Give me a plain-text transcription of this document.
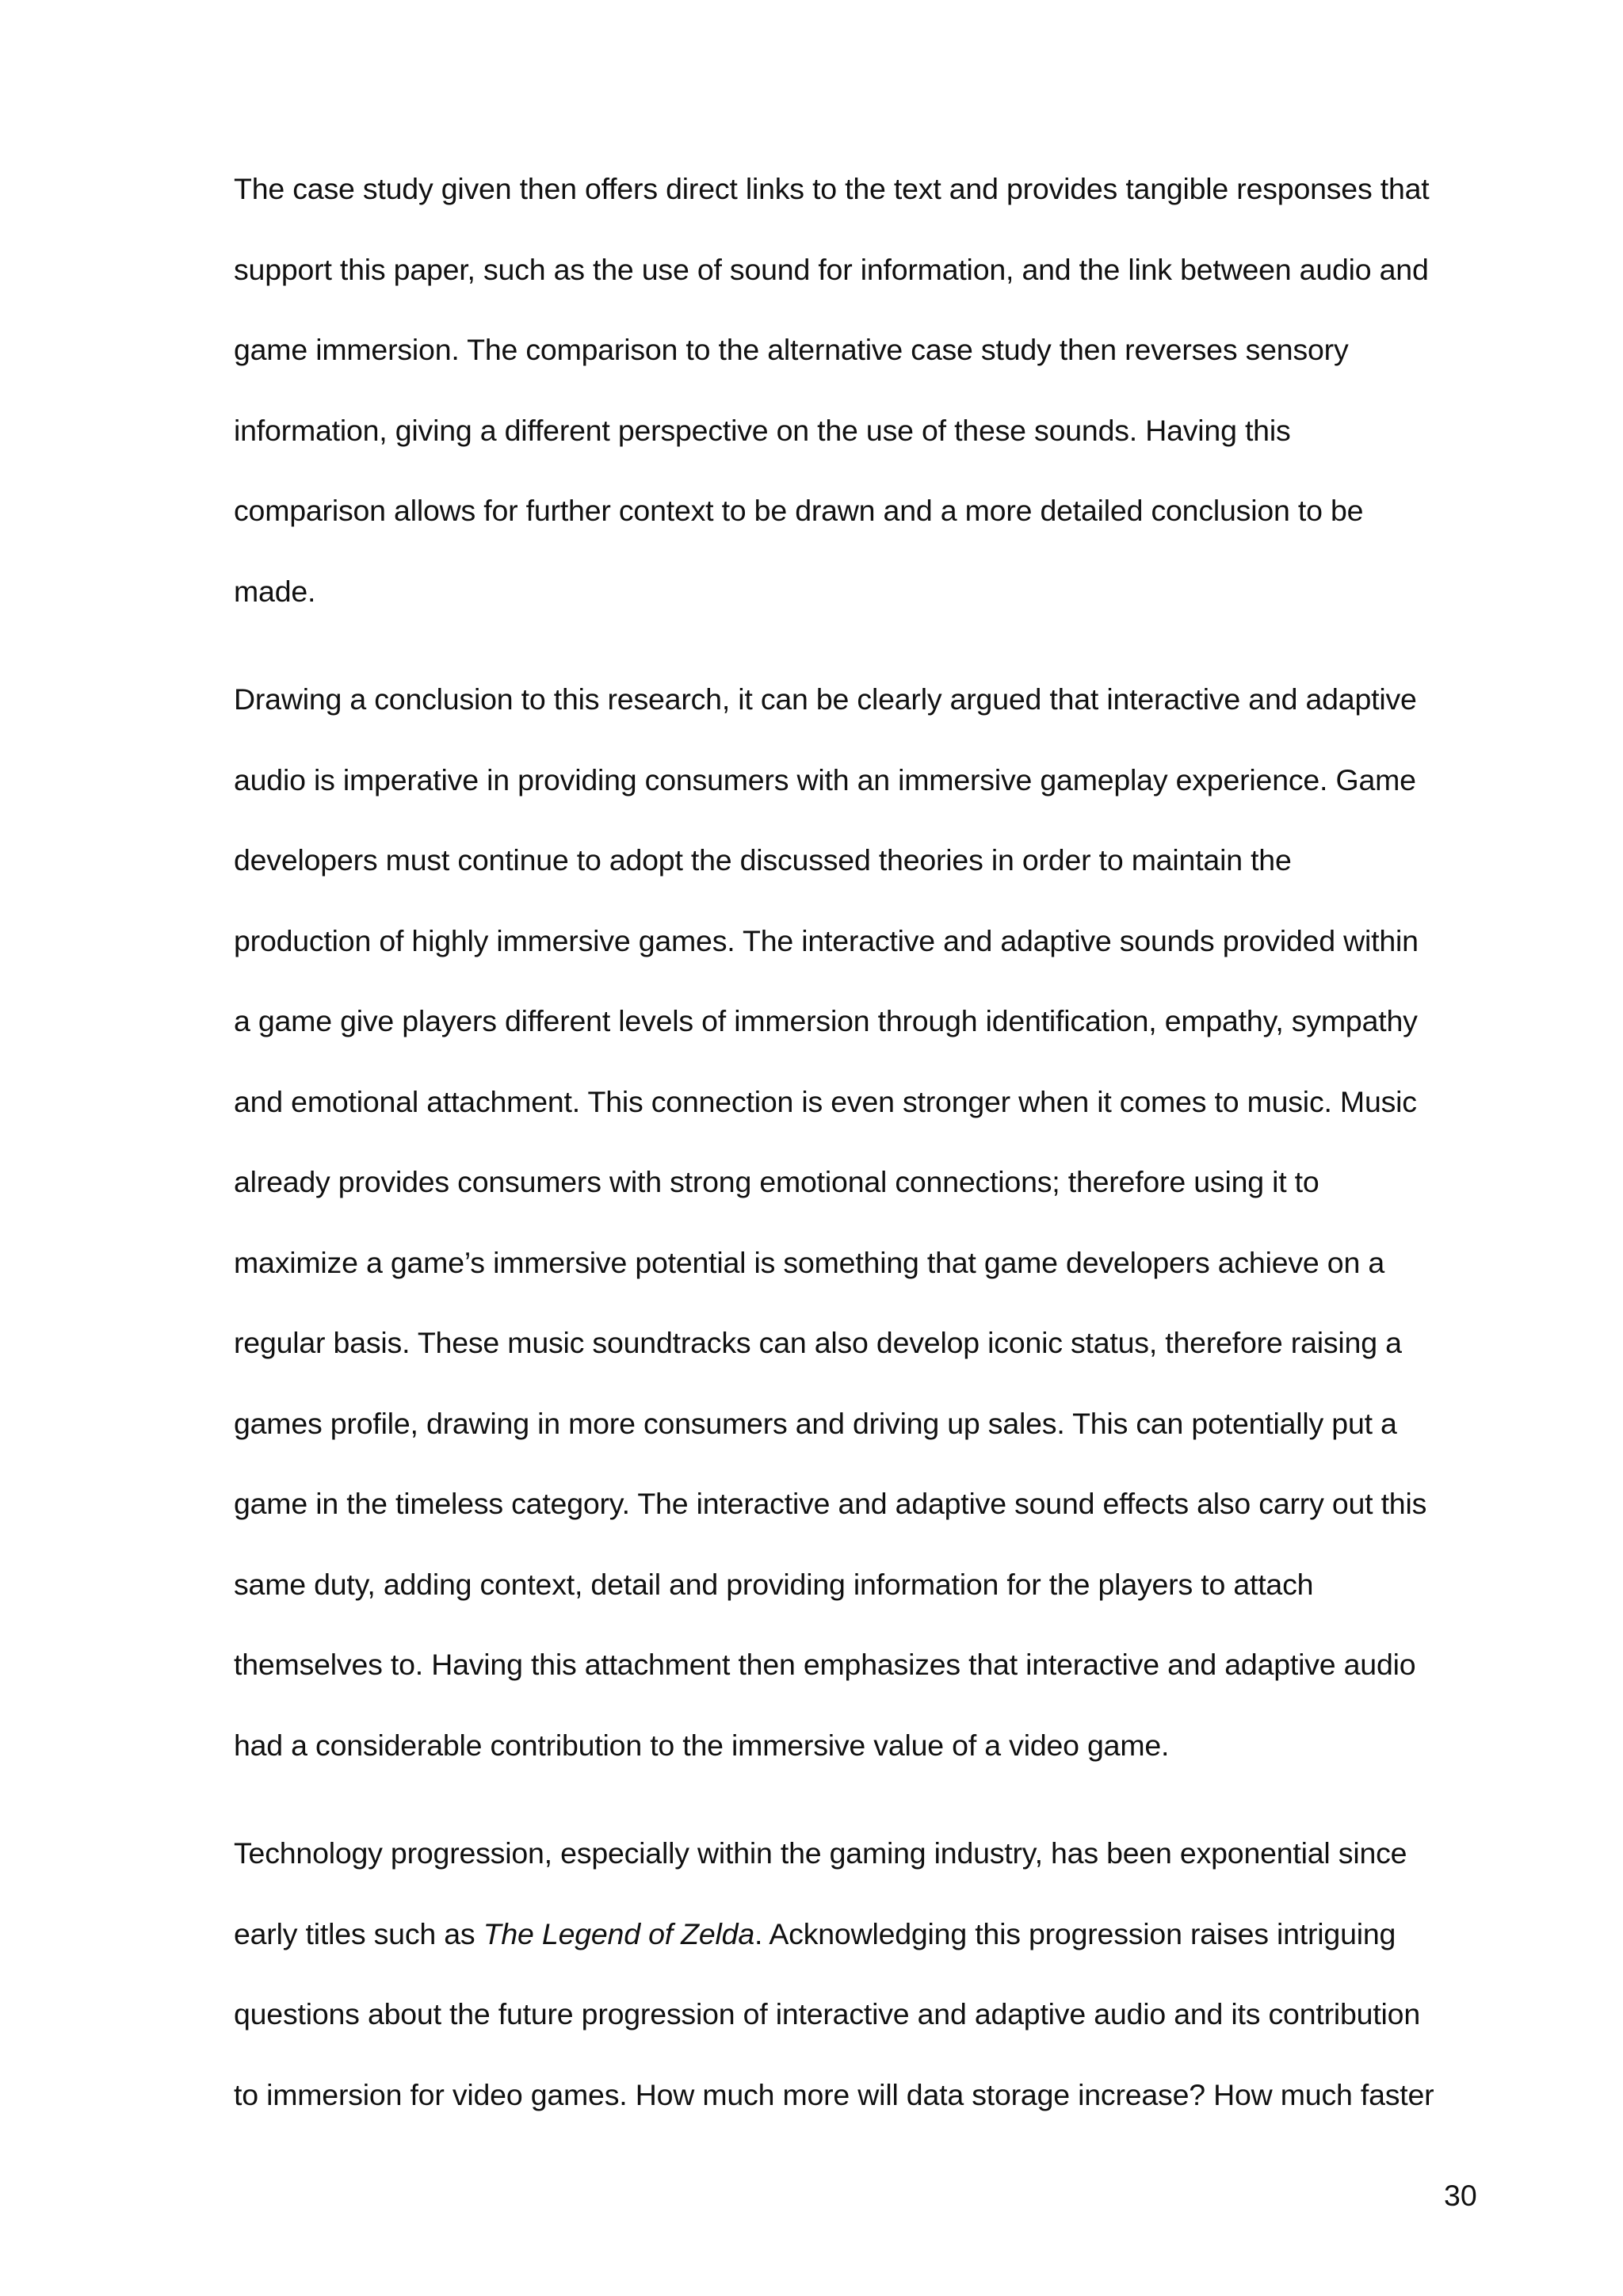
The case study given then offers direct links to the text and provides tangible responses that
support this paper, such as the use of sound for information, and the link between audio and
game immersion. The comparison to the alternative case study then reverses sensory
information, giving a different perspective on the use of these sounds. Having this
comparison allows for further context to be drawn and a more detailed conclusion to be
made.
Drawing a conclusion to this research, it can be clearly argued that interactive and adaptive
audio is imperative in providing consumers with an immersive gameplay experience. Game
developers must continue to adopt the discussed theories in order to maintain the
production of highly immersive games. The interactive and adaptive sounds provided within
a game give players different levels of immersion through identification, empathy, sympathy
and emotional attachment. This connection is even stronger when it comes to music. Music
already provides consumers with strong emotional connections; therefore using it to
maximize a game’s immersive potential is something that game developers achieve on a
regular basis. These music soundtracks can also develop iconic status, therefore raising a
games profile, drawing in more consumers and driving up sales. This can potentially put a
game in the timeless category. The interactive and adaptive sound effects also carry out this
same duty, adding context, detail and providing information for the players to attach
themselves to. Having this attachment then emphasizes that interactive and adaptive audio
had a considerable contribution to the immersive value of a video game.
Technology progression, especially within the gaming industry, has been exponential since
early titles such as The Legend of Zelda. Acknowledging this progression raises intriguing
questions about the future progression of interactive and adaptive audio and its contribution
to immersion for video games. How much more will data storage increase? How much faster
30
